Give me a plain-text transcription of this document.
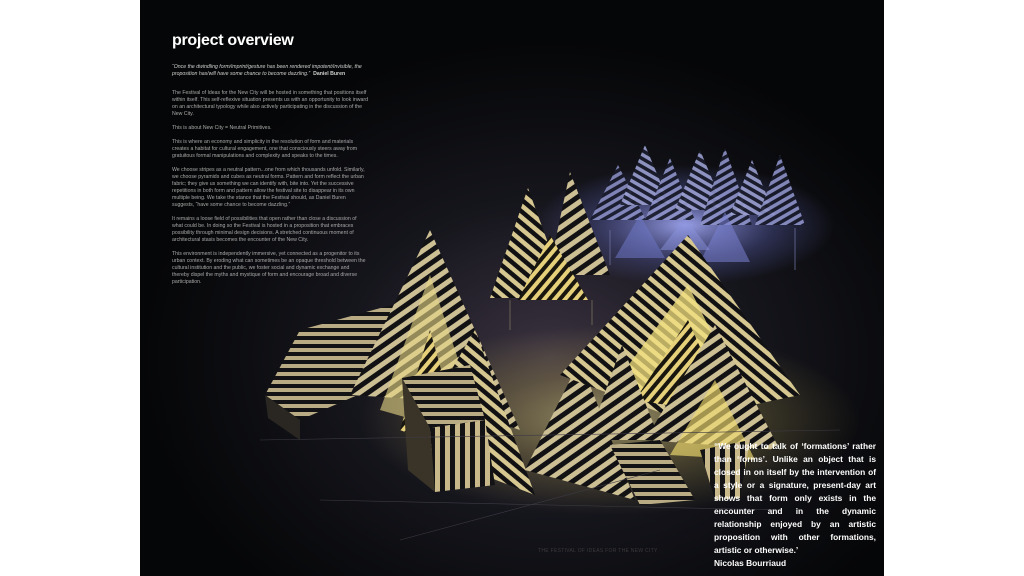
project overview

“Once the dwindling form/imprint/gesture has been rendered impotent/invisible, the proposition has/will have some chance to become dazzling.” Daniel Buren

The Festival of Ideas for the New City will be hosted in something that positions itself within itself. This self-reflexive situation presents us with an opportunity to look inward on an architectural typology while also actively participating in the discussion of the New City.

This is about New City = Neutral Primitives.

This is where an economy and simplicity in the resolution of form and materials creates a habitat for cultural engagement, one that consciously steers away from gratuitous formal manipulations and complexity and speaks to the times.

We choose stripes as a neutral pattern...one from which thousands unfold. Similarly, we choose pyramids and cubes as neutral forms. Pattern and form reflect the urban fabric; they give us something we can identify with, bite into. Yet the successive repetitions in both form and pattern allow the festival site to disappear in its own multiple being. We take the stance that the Festival should, as Daniel Buren suggests, “have some chance to become dazzling.”

It remains a loose field of possibilities that open rather than close a discussion of what could be. In doing so the Festival is hosted in a proposition that embraces possibility through minimal design decisions. A stretched continuous moment of architectural stasis becomes the encounter of the New City.

This environment is independently immersive, yet connected as a progenitor to its urban context. By eroding what can sometimes be an opaque threshold between the cultural institution and the public, we foster social and dynamic exchange and thereby dispel the myths and mystique of form and encourage broad and diverse participation.

“We ought to talk of ‘formations’ rather than ‘forms’. Unlike an object that is closed in on itself by the intervention of a style or a signature, present-day art shows that form only exists in the encounter and in the dynamic relationship enjoyed by an artistic proposition with other formations, artistic or otherwise.’
Nicolas Bourriaud
THE FESTIVAL OF IDEAS FOR THE NEW CITY
